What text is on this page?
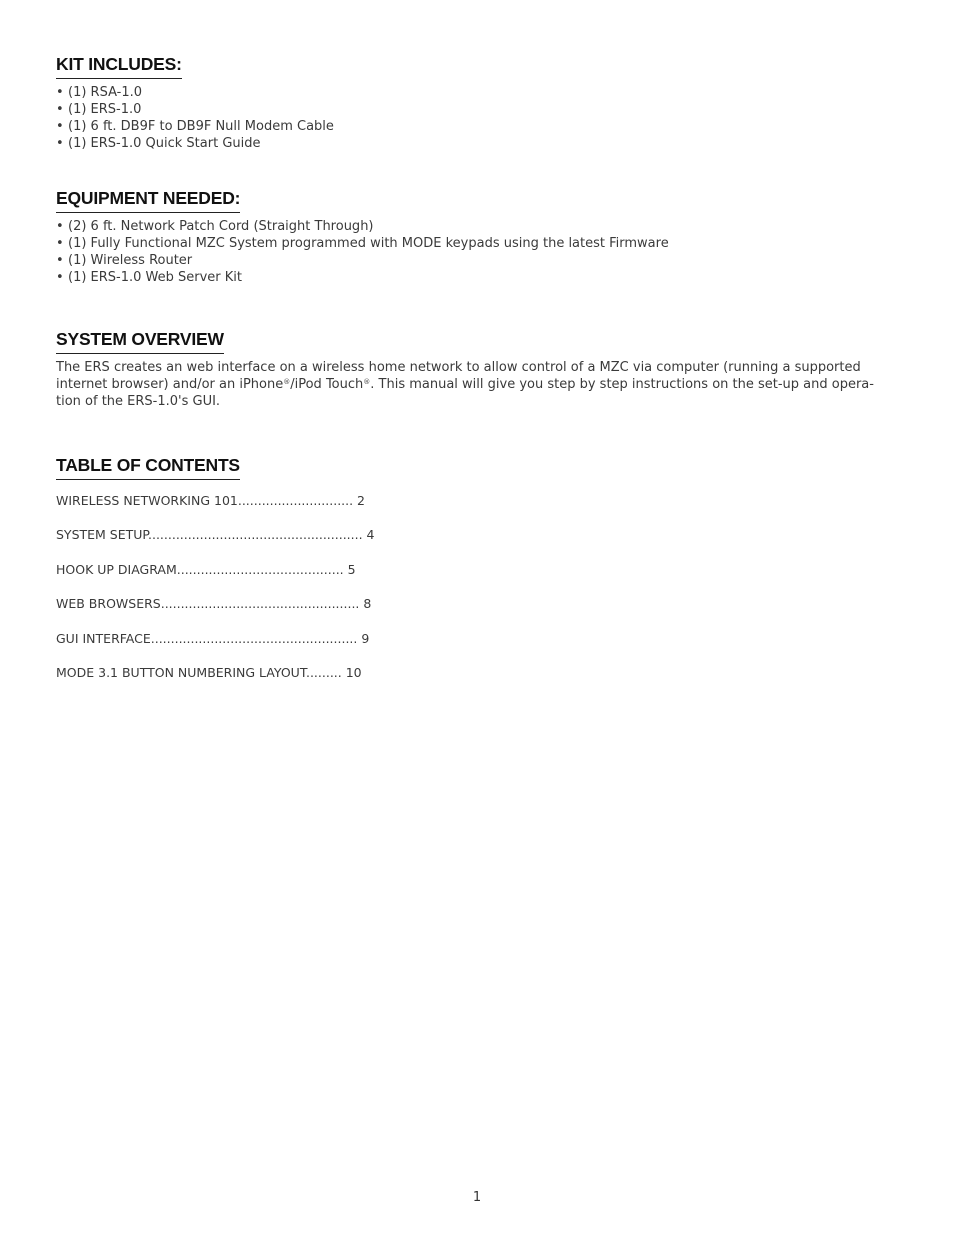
KIT INCLUDES:
• (1) RSA-1.0
• (1) ERS-1.0
• (1) 6 ft. DB9F to DB9F Null Modem Cable
• (1) ERS-1.0 Quick Start Guide
EQUIPMENT NEEDED:
• (2) 6 ft. Network Patch Cord (Straight Through)
• (1) Fully Functional MZC System programmed with MODE keypads using the latest Firmware
• (1) Wireless Router
• (1) ERS-1.0 Web Server Kit
SYSTEM OVERVIEW

The ERS creates an web interface on a wireless home network to allow control of a MZC via computer (running a supported internet browser) and/or an iPhone®/iPod Touch®. This manual will give you step by step instructions on the set-up and opera-tion of the ERS-1.0's GUI.

TABLE OF CONTENTS
WIRELESS NETWORKING 101............................. 2
SYSTEM SETUP...................................................... 4
HOOK UP DIAGRAM.......................................... 5
WEB BROWSERS.................................................. 8
GUI INTERFACE.................................................... 9
MODE 3.1 BUTTON NUMBERING LAYOUT......... 10
1
